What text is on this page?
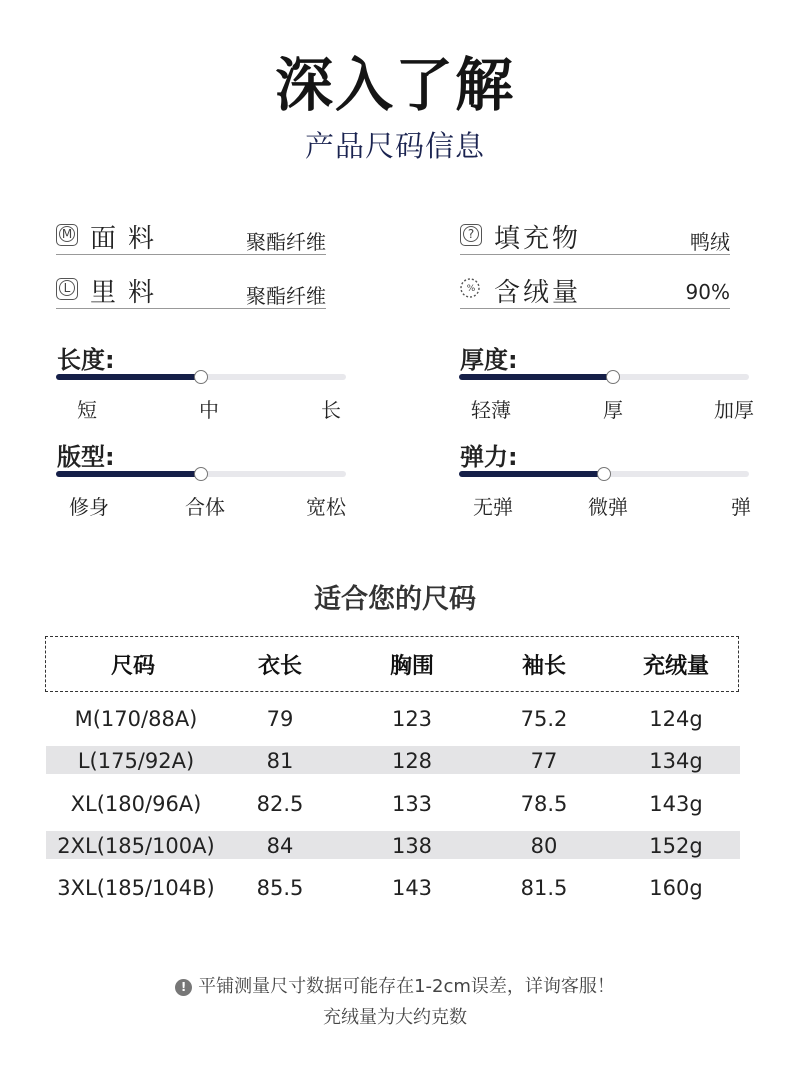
深入了解
产品尺码信息
M 面料	聚酯纤维	? 填充物	鸭绒
L 里料	聚酯纤维	% 含绒量	90%
长度:
短	中	长
厚度:
轻薄	厚	加厚
版型:
修身	合体	宽松
弹力:
无弹	微弹	弹
适合您的尺码
尺码	衣长	胸围	袖长	充绒量
M(170/88A)	79	123	75.2	124g
L(175/92A)	81	128	77	134g
XL(180/96A)	82.5	133	78.5	143g
2XL(185/100A) 84	138	80	152g
3XL(185/104B) 85.5	143	81.5	160g
! 平铺测量尺寸数据可能存在1-2cm误差，详询客服！
充绒量为大约克数
